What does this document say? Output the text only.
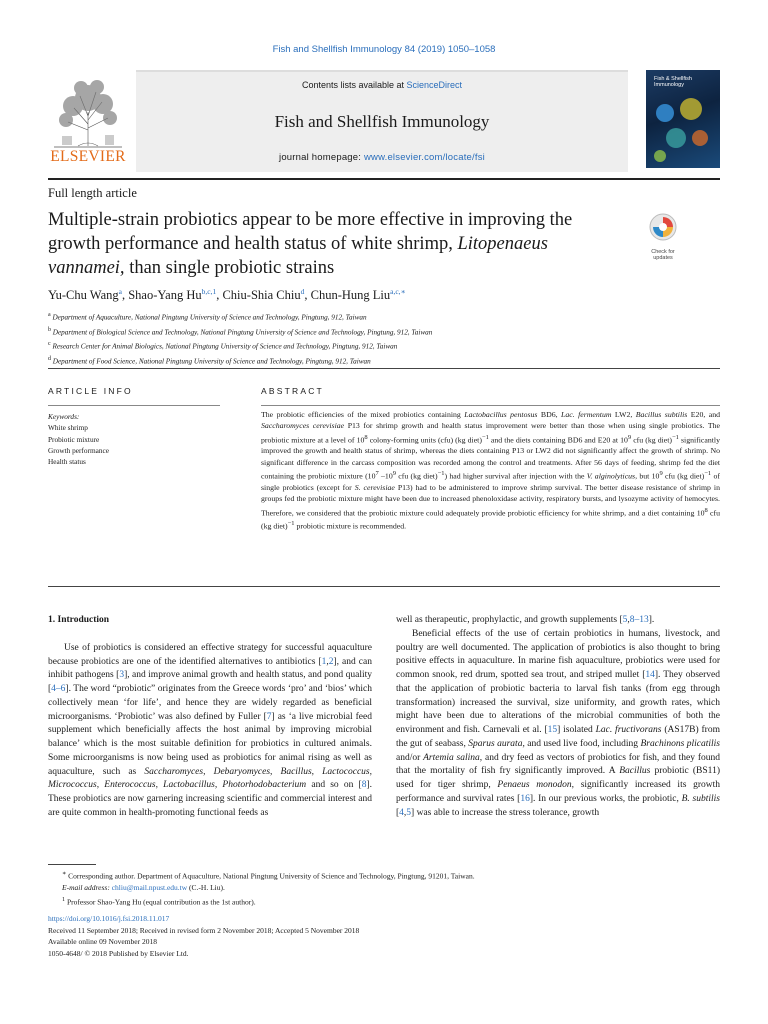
Fish and Shellfish Immunology 84 (2019) 1050–1058
ELSEVIER
Contents lists available at ScienceDirect
Fish and Shellfish Immunology
journal homepage: www.elsevier.com/locate/fsi
Fish & Shellfish
Immunology
Full length article
Multiple-strain probiotics appear to be more effective in improving the growth performance and health status of white shrimp, Litopenaeus vannamei, than single probiotic strains
Check for
updates
Yu-Chu Wang$^a$, Shao-Yang Hu$^{b,c,1}$, Chiu-Shia Chiu$^d$, Chun-Hung Liu$^{a,c,∗}$
$^a$ Department of Aquaculture, National Pingtung University of Science and Technology, Pingtung, 912, Taiwan
$^b$ Department of Biological Science and Technology, National Pingtung University of Science and Technology, Pingtung, 912, Taiwan
$^c$ Research Center for Animal Biologics, National Pingtung University of Science and Technology, Pingtung, 912, Taiwan
$^d$ Department of Food Science, National Pingtung University of Science and Technology, Pingtung, 912, Taiwan
ARTICLE INFO	ABSTRACT
Keywords:
White shrimp
Probiotic mixture
Growth performance
Health status
The probiotic efficiencies of the mixed probiotics containing Lactobacillus pentosus BD6, Lac. fermentum LW2, Bacillus subtilis E20, and Saccharomyces cerevisiae P13 for shrimp growth and health status improvement were better than those when using single probiotics. The probiotic mixture at a level of $10^8$ colony-forming units (cfu) (kg diet)$^{-1}$ and the diets containing BD6 and E20 at $10^9$ cfu (kg diet)$^{-1}$ significantly improved the growth and health status of shrimp, whereas the diets containing P13 or LW2 did not significantly affect the growth of shrimp. No significant difference in the carcass composition was recorded among the control and treatments. After 56 days of feeding, shrimp fed the diet containing the probiotic mixture ($10^7$ $-10^9$ cfu (kg diet)$^{-1}$) had higher survival after injection with the V. alginolyticus, but $10^9$ cfu (kg diet)$^{-1}$ of single probiotics (except for S. cerevisiae P13) had to be administered to improve shrimp survival. The better disease resistance of shrimp in groups fed the probiotic mixture might have been due to increased phenoloxidase activity, respiratory bursts, and lysozyme activity of hemocytes. Therefore, we considered that the probiotic mixture could adequately provide probiotic efficiency for white shrimp, and a diet containing $10^8$ cfu (kg diet)$^{-1}$ probiotic mixture is recommended.
1. Introduction
Use of probiotics is considered an effective strategy for successful aquaculture because probiotics are one of the identified alternatives to antibiotics [1,2], and can inhibit pathogens [3], and improve animal growth and health status, and pond quality [4–6]. The word “probiotic” originates from the Greece words ‘pro’ and ‘bios’ which collectively mean ‘for life’, and hence they are widely regarded as beneficial microorganisms. ‘Probiotic’ was also defined by Fuller [7] as ‘a live microbial feed supplement which beneficially affects the host animal by improving microbial balance’ which is the most suitable definition for probiotics in cultured animals. Some microorganisms is now being used as probiotics for animal rising as well as aquaculture, such as Saccharomyces, Debaryomyces, Bacillus, Lactococcus, Micrococcus, Enterococcus, Lactobacillus, Photorhodobacterium and so on [8]. These probiotics are now garnering increasing scientific and commercial interest and are quite common in health-promoting functional feeds as
well as therapeutic, prophylactic, and growth supplements [5,8–13].
Beneficial effects of the use of certain probiotics in humans, livestock, and poultry are well documented. The application of probiotics is also thought to bring positive effects in aquaculture. In marine fish aquaculture, probiotics were used for common snook, red drum, spotted sea trout, and striped mullet [14]. They observed that the application of probiotic bacteria to larval fish tanks (from egg through transformation) increased the survival, size uniformity, and growth rates, which might have been due to alterations of the microbial communities of both the environment and fish. Carnevali et al. [15] isolated Lac. fructivorans (AS17B) from the gut of seabass, Sparus aurata, and used live food, including Brachinons plicatilis and/or Artemia salina, and dry feed as vectors of probiotics for fish, and they found that the mortality of fish fry significantly improved. A Bacillus probiotic (BS11) used for tiger shrimp, Penaeus monodon, significantly increased its growth performance and survival rates [16]. In our previous works, the probiotic, B. subtilis [4,5] was able to increase the stress tolerance, growth
∗ Corresponding author. Department of Aquaculture, National Pingtung University of Science and Technology, Pingtung, 91201, Taiwan.
E-mail address: chliu@mail.npust.edu.tw (C.-H. Liu).
$^1$ Professor Shao-Yang Hu (equal contribution as the 1st author).
https://doi.org/10.1016/j.fsi.2018.11.017
Received 11 September 2018; Received in revised form 2 November 2018; Accepted 5 November 2018
Available online 09 November 2018
1050-4648/ © 2018 Published by Elsevier Ltd.
